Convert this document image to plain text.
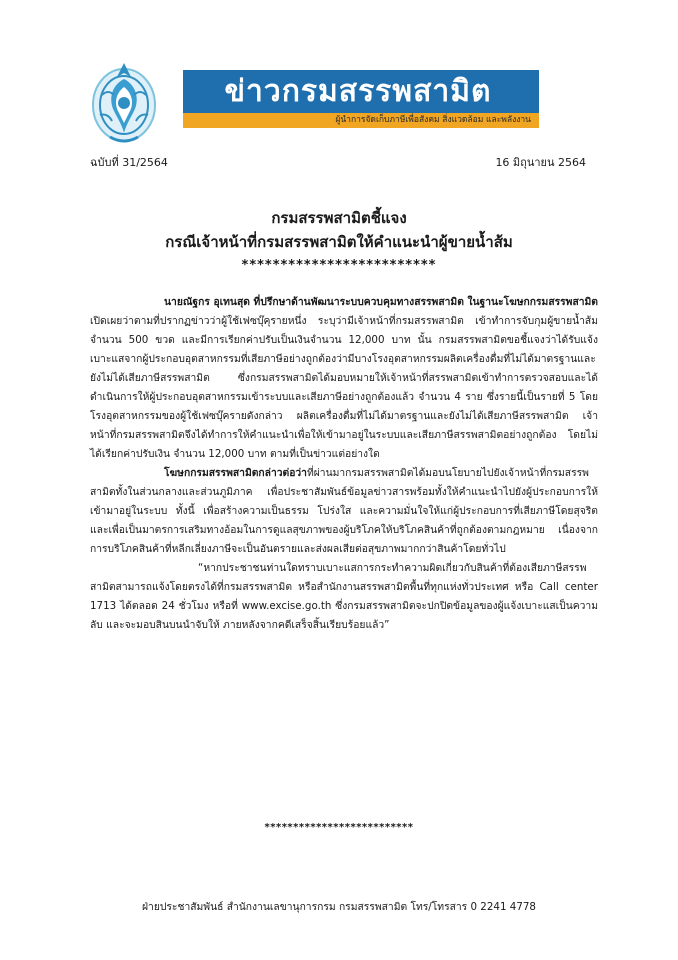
ข่าวกรมสรรพสามิต
ผู้นำการจัดเก็บภาษีเพื่อสังคม สิ่งแวดล้อม และพลังงาน
ฉบับที่ 31/2564	16 มิถุนายน 2564
กรมสรรพสามิตชี้แจง
กรณีเจ้าหน้าที่กรมสรรพสามิตให้คำแนะนำผู้ขายน้ำส้ม
*************************

นายณัฐกร อุเทนสุด ที่ปรึกษาด้านพัฒนาระบบควบคุมทางสรรพสามิต ในฐานะโฆษกกรมสรรพสามิต เปิดเผยว่าตามที่ปรากฏข่าวว่าผู้ใช้เฟซบุ๊คุรายหนึ่ง ระบุว่ามีเจ้าหน้าที่กรมสรรพสามิต เข้าทำการจับกุมผู้ขายน้ำส้ม จำนวน 500 ขวด และมีการเรียกค่าปรับเป็นเงินจำนวน 12,000 บาท นั้น กรมสรรพสามิตขอชี้แจงว่าได้รับแจ้งเบาะแสจากผู้ประกอบอุตสาหกรรมที่เสียภาษีอย่างถูกต้องว่ามีบางโรงอุตสาหกรรมผลิตเครื่องดื่มที่ไม่ได้มาตรฐานและยังไม่ได้เสียภาษีสรรพสามิต ซึ่งกรมสรรพสามิตได้มอบหมายให้เจ้าหน้าที่สรรพสามิตเข้าทำการตรวจสอบและได้ดำเนินการให้ผู้ประกอบอุตสาหกรรมเข้าระบบและเสียภาษีอย่างถูกต้องแล้ว จำนวน 4 ราย ซึ่งรายนี้เป็นรายที่ 5 โดยโรงอุตสาหกรรมของผู้ใช้เฟซบุ๊ครายดังกล่าว ผลิตเครื่องดื่มที่ไม่ได้มาตรฐานและยังไม่ได้เสียภาษีสรรพสามิต เจ้าหน้าที่กรมสรรพสามิตจึงได้ทำการให้คำแนะนำเพื่อให้เข้ามาอยู่ในระบบและเสียภาษีสรรพสามิตอย่างถูกต้อง โดยไม่ได้เรียกค่าปรับเงิน จำนวน 12,000 บาท ตามที่เป็นข่าวแต่อย่างใด

โฆษกกรมสรรพสามิตกล่าวต่อว่าที่ผ่านมากรมสรรพสามิตได้มอบนโยบายไปยังเจ้าหน้าที่กรมสรรพสามิตทั้งในส่วนกลางและส่วนภูมิภาค เพื่อประชาสัมพันธ์ข้อมูลข่าวสารพร้อมทั้งให้คำแนะนำไปยังผู้ประกอบการให้เข้ามาอยู่ในระบบ ทั้งนี้ เพื่อสร้างความเป็นธรรม โปร่งใส และความมั่นใจให้แก่ผู้ประกอบการที่เสียภาษีโดยสุจริต และเพื่อเป็นมาตรการเสริมทางอ้อมในการดูแลสุขภาพของผู้บริโภคให้บริโภคสินค้าที่ถูกต้องตามกฎหมาย เนื่องจากการบริโภคสินค้าที่หลีกเลี่ยงภาษีจะเป็นอันตรายและส่งผลเสียต่อสุขภาพมากกว่าสินค้าโดยทั่วไป

“หากประชาชนท่านใดทราบเบาะแสการกระทำความผิดเกี่ยวกับสินค้าที่ต้องเสียภาษีสรรพสามิตสามารถแจ้งโดยตรงได้ที่กรมสรรพสามิต หรือสำนักงานสรรพสามิตพื้นที่ทุกแห่งทั่วประเทศ หรือ Call center 1713 ได้ตลอด 24 ชั่วโมง หรือที่ www.excise.go.th ซึ่งกรมสรรพสามิตจะปกปิดข้อมูลของผู้แจ้งเบาะแสเป็นความลับ และจะมอบสินบนนำจับให้ ภายหลังจากคดีเสร็จสิ้นเรียบร้อยแล้ว”

**************************
ฝ่ายประชาสัมพันธ์ สำนักงานเลขานุการกรม กรมสรรพสามิต โทร/โทรสาร 0 2241 4778
